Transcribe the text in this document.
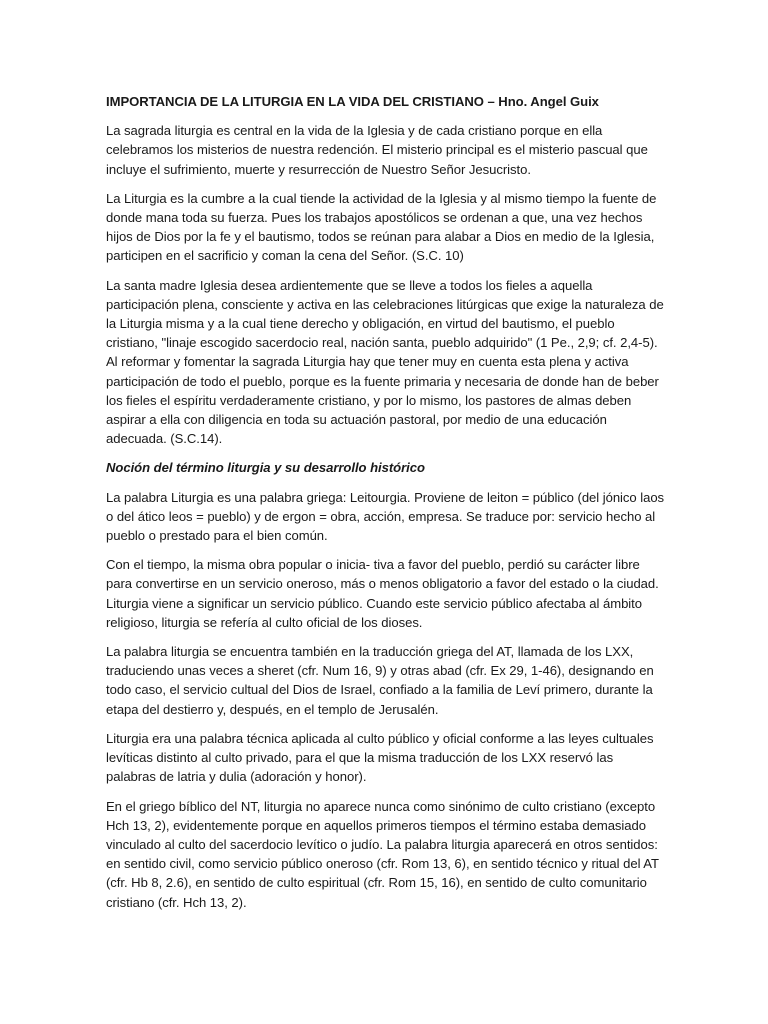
IMPORTANCIA DE LA LITURGIA EN LA VIDA DEL CRISTIANO – Hno. Angel Guix

La sagrada liturgia es central en la vida de la Iglesia y de cada cristiano porque en ella celebramos los misterios de nuestra redención. El misterio principal es el misterio pascual que incluye el sufrimiento, muerte y resurrección de Nuestro Señor Jesucristo.

La Liturgia es la cumbre a la cual tiende la actividad de la Iglesia y al mismo tiempo la fuente de donde mana toda su fuerza. Pues los trabajos apostólicos se ordenan a que, una vez hechos hijos de Dios por la fe y el bautismo, todos se reúnan para alabar a Dios en medio de la Iglesia, participen en el sacrificio y coman la cena del Señor. (S.C. 10)

La santa madre Iglesia desea ardientemente que se lleve a todos los fieles a aquella participación plena, consciente y activa en las celebraciones litúrgicas que exige la naturaleza de la Liturgia misma y a la cual tiene derecho y obligación, en virtud del bautismo, el pueblo cristiano, "linaje escogido sacerdocio real, nación santa, pueblo adquirido" (1 Pe., 2,9; cf. 2,4-5).

Al reformar y fomentar la sagrada Liturgia hay que tener muy en cuenta esta plena y activa participación de todo el pueblo, porque es la fuente primaria y necesaria de donde han de beber los fieles el espíritu verdaderamente cristiano, y por lo mismo, los pastores de almas deben aspirar a ella con diligencia en toda su actuación pastoral, por medio de una educación adecuada. (S.C.14).

Noción del término liturgia y su desarrollo histórico

La palabra Liturgia es una palabra griega: Leitourgia. Proviene de leiton = público (del jónico laos o del ático leos = pueblo) y de ergon = obra, acción, empresa. Se traduce por: servicio hecho al pueblo o prestado para el bien común.

Con el tiempo, la misma obra popular o inicia- tiva a favor del pueblo, perdió su carácter libre para convertirse en un servicio oneroso, más o menos obligatorio a favor del estado o la ciudad. Liturgia viene a significar un servicio público. Cuando este servicio público afectaba al ámbito religioso, liturgia se refería al culto oficial de los dioses.

La palabra liturgia se encuentra también en la traducción griega del AT, llamada de los LXX, traduciendo unas veces a sheret (cfr. Num 16, 9) y otras abad (cfr. Ex 29, 1-46), designando en todo caso, el servicio cultual del Dios de Israel, confiado a la familia de Leví primero, durante la etapa del destierro y, después, en el templo de Jerusalén.

Liturgia era una palabra técnica aplicada al culto público y oficial conforme a las leyes cultuales levíticas distinto al culto privado, para el que la misma traducción de los LXX reservó las palabras de latria y dulia (adoración y honor).

En el griego bíblico del NT, liturgia no aparece nunca como sinónimo de culto cristiano (excepto Hch 13, 2), evidentemente porque en aquellos primeros tiempos el término estaba demasiado vinculado al culto del sacerdocio levítico o judío. La palabra liturgia aparecerá en otros sentidos: en sentido civil, como servicio público oneroso (cfr. Rom 13, 6), en sentido técnico y ritual del AT (cfr. Hb 8, 2.6), en sentido de culto espiritual (cfr. Rom 15, 16), en sentido de culto comunitario cristiano (cfr. Hch 13, 2).
